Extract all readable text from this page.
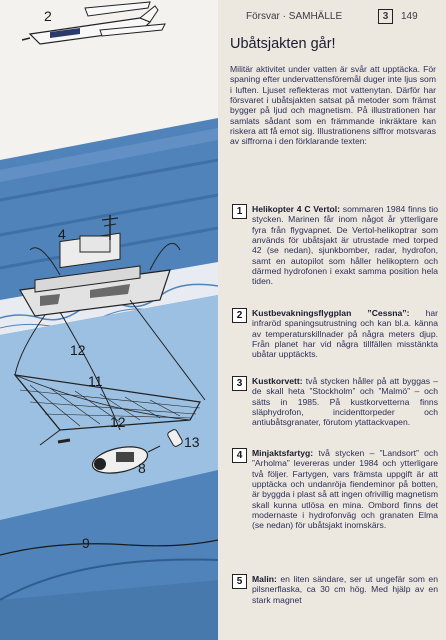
2
4
12
11
12
13
8
9
Försvar · SAMHÄLLE	3	149
Ubåtsjakten går!
Militär aktivitet under vatten är svår att upptäcka. För spaning efter undervattensföremål duger inte ljus som i luften. Ljuset reflekteras mot vattenytan. Därför har försvaret i ubåtsjakten satsat på metoder som främst bygger på ljud och magnetism. På illustrationen har samlats sådant som en främmande inkräktare kan riskera att få emot sig. Illustrationens siffror motsvaras av siffrorna i den förklarande texten:
1	Helikopter 4 C Vertol: sommaren 1984 finns tio stycken. Marinen får inom något år ytterligare fyra från flygvapnet. De Vertol-helikoptrar som används för ubåtsjakt är utrustade med torped 42 (se nedan), sjunkbomber, radar, hydrofon, samt en autopilot som håller helikoptern och därmed hydrofonen i exakt samma position hela tiden.
2	Kustbevakningsflygplan ”Cessna”: har infraröd spaningsutrustning och kan bl.a. känna av temperaturskillnader på några meters djup. Från planet har vid några tillfällen misstänkta ubåtar upptäckts.
3	Kustkorvett: två stycken håller på att byggas – de skall heta ”Stockholm” och ”Malmö” – och sätts in 1985. På kustkorvetterna finns släphydrofon, incidenttorpeder och antiubåtsgranater, förutom ytattackvapen.
4	Minjaktsfartyg: två stycken – ”Landsort” och ”Arholma” levereras under 1984 och ytterligare två följer. Fartygen, vars främsta uppgift är att upptäcka och undanröja fiendeminor på botten, är byggda i plast så att ingen ofrivillig magnetism skall kunna utlösa en mina. Ombord finns det modernaste i hydrofonväg och granaten Elma (se nedan) för ubåtsjakt inomskärs.
5	Malin: en liten sändare, ser ut ungefär som en pilsnerflaska, ca 30 cm hög. Med hjälp av en stark magnet
